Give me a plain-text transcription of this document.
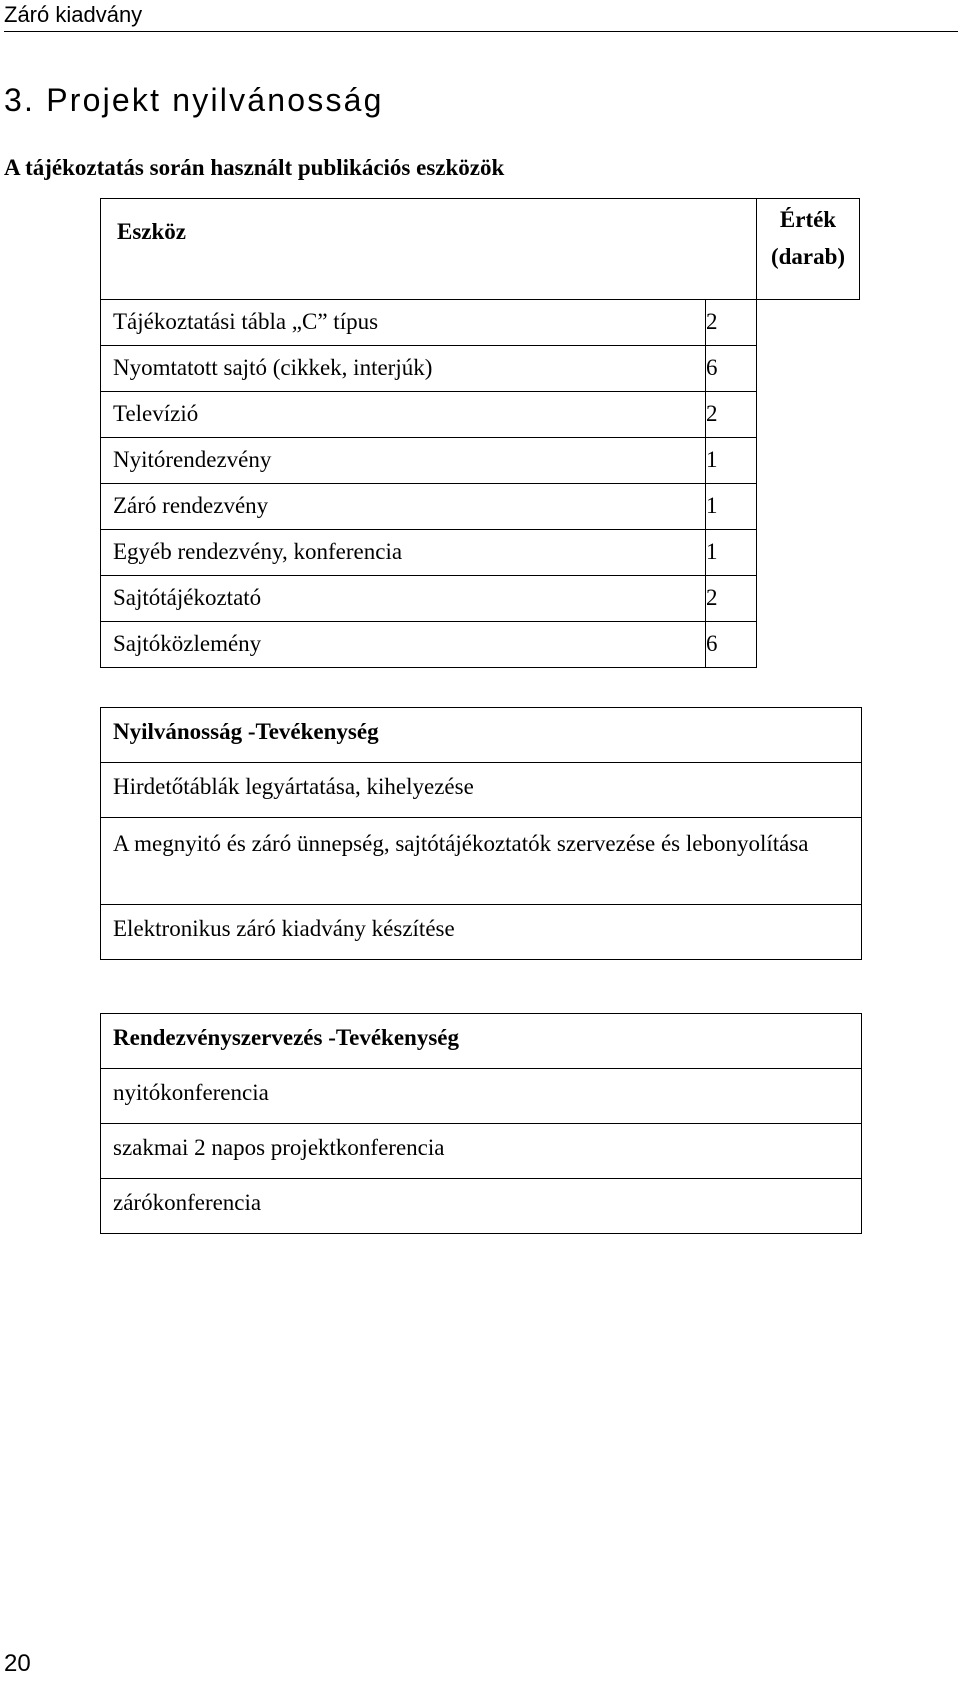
Záró kiadvány
3. Projekt nyilvánosság
A tájékoztatás során használt publikációs eszközök
Eszköz		Érték
(darab)

Tájékoztatási tábla „C” típus	2	
Nyomtatott sajtó (cikkek, interjúk)	6	
Televízió	2	
Nyitórendezvény	1	
Záró rendezvény	1	
Egyéb rendezvény, konferencia	1	
Sajtótájékoztató	2	
Sajtóközlemény	6	
Nyilvánosság -Tevékenység
Hirdetőtáblák legyártatása, kihelyezése
A megnyitó és záró ünnepség, sajtótájékoztatók szervezése és lebonyolítása
Elektronikus záró kiadvány készítése
Rendezvényszervezés -Tevékenység
nyitókonferencia
szakmai 2 napos projektkonferencia
zárókonferencia
20
